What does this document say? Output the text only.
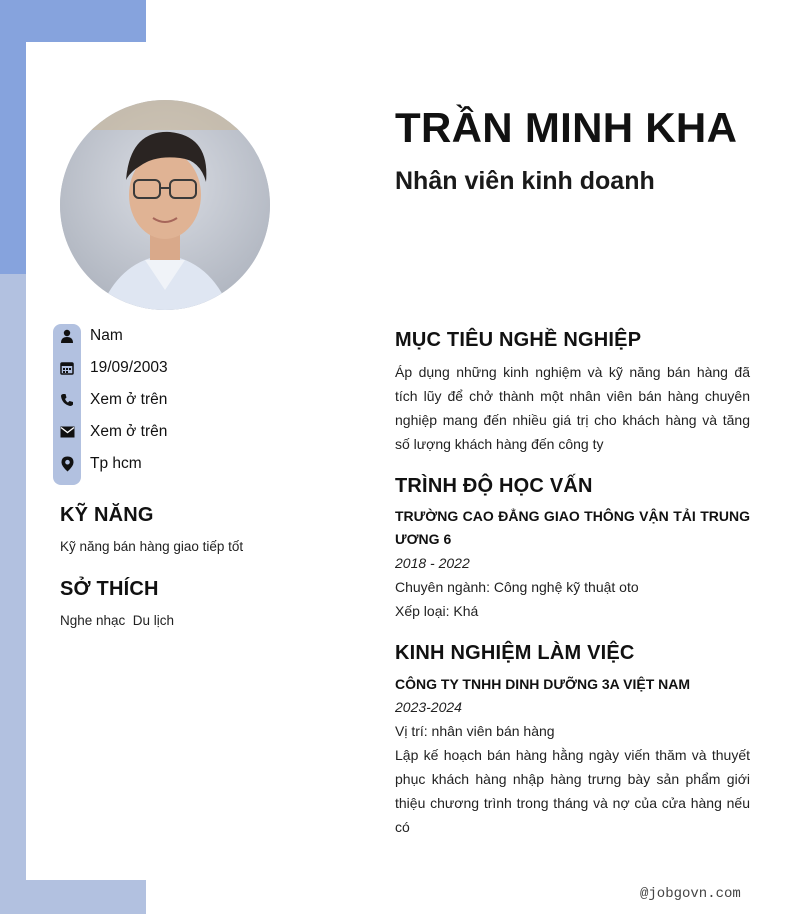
Nam
19/09/2003
Xem ở trên
Xem ở trên
Tp hcm
KỸ NĂNG
Kỹ năng bán hàng giao tiếp tốt
SỞ THÍCH
Nghe nhạc  Du lịch
TRẦN MINH KHA
Nhân viên kinh doanh
MỤC TIÊU NGHỀ NGHIỆP
Áp dụng những kinh nghiệm và kỹ năng bán hàng đã tích lũy để chở thành một nhân viên bán hàng chuyên nghiệp mang đến nhiều giá trị cho khách hàng và tăng số lượng khách hàng đến công ty
TRÌNH ĐỘ HỌC VẤN
TRƯỜNG CAO ĐẲNG GIAO THÔNG VẬN TẢI TRUNG ƯƠNG 6
2018 - 2022
Chuyên ngành: Công nghệ kỹ thuật oto
Xếp loại: Khá
KINH NGHIỆM LÀM VIỆC
CÔNG TY TNHH DINH DƯỠNG 3A VIỆT NAM
2023-2024
Vị trí: nhân viên bán hàng
Lập kế hoạch bán hàng hằng ngày viến thăm và thuyết phục khách hàng nhập hàng trưng bày sản phẩm giới thiệu chương trình trong tháng và nợ của cửa hàng nếu có
@jobgovn.com
